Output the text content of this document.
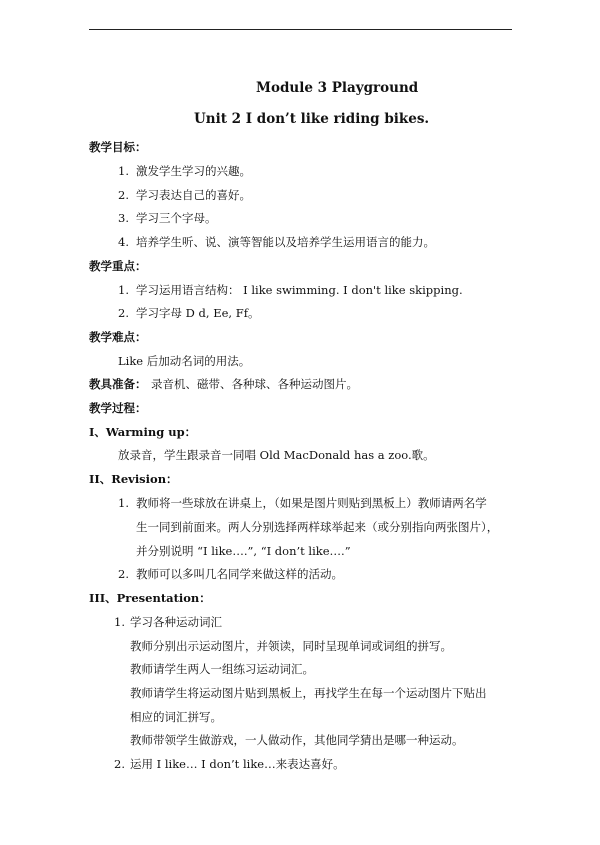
Module 3 Playground
Unit 2 I don’t like riding bikes.
教学目标：
1. 激发学生学习的兴趣。
2. 学习表达自己的喜好。
3. 学习三个字母。
4. 培养学生听、说、演等智能以及培养学生运用语言的能力。
教学重点：
1. 学习运用语言结构： I like swimming. I don't like skipping.
2. 学习字母 D d, Ee, Ff。
教学难点：
Like 后加动名词的用法。
教具准备： 录音机、磁带、各种球、各种运动图片。
教学过程：
I、Warming up：
放录音，学生跟录音一同唱 Old MacDonald has a zoo.歌。
II、Revision：
1. 教师将一些球放在讲桌上，（如果是图片则贴到黑板上）教师请两名学
生一同到前面来。两人分别选择两样球举起来（或分别指向两张图片），
并分别说明 “I like….”, “I don’t like….”
2. 教师可以多叫几名同学来做这样的活动。
III、Presentation：
1. 学习各种运动词汇
教师分别出示运动图片，并领读，同时呈现单词或词组的拼写。
教师请学生两人一组练习运动词汇。
教师请学生将运动图片贴到黑板上，再找学生在每一个运动图片下贴出
相应的词汇拼写。
教师带领学生做游戏，一人做动作，其他同学猜出是哪一种运动。
2. 运用 I like… I don’t like…来表达喜好。
